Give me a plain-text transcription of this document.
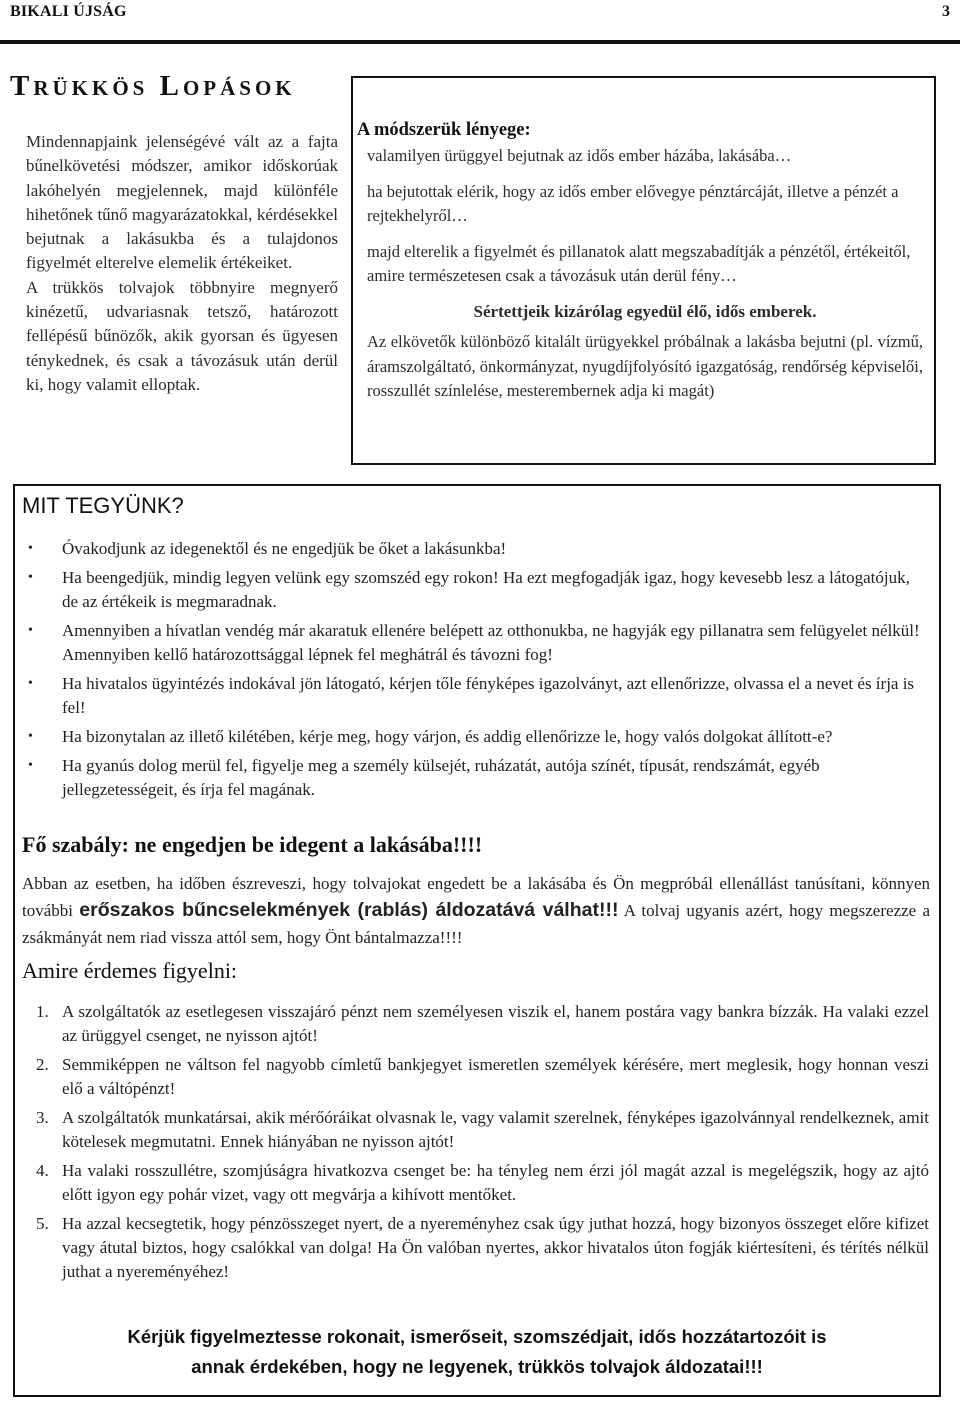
BIKALI ÚJSÁG	3
TRÜKKÖS LOPÁSOK

Mindennapjaink jelenségévé vált az a fajta bűnelkövetési módszer, amikor időskorúak lakóhelyén megjelennek, majd különféle hihetőnek tűnő magyarázatokkal, kérdésekkel bejutnak a lakásukba és a tulajdonos figyelmét elterelve elemelik értékeiket.

A trükkös tolvajok többnyire megnyerő kinézetű, udvariasnak tetsző, határozott fellépésű bűnözők, akik gyorsan és ügyesen ténykednek, és csak a távozásuk után derül ki, hogy valamit elloptak.

A módszerük lényege:

valamilyen ürüggyel bejutnak az idős ember házába, lakásába…

ha bejutottak elérik, hogy az idős ember elővegye pénztárcáját, illetve a pénzét a rejtekhelyről…

majd elterelik a figyelmét és pillanatok alatt megszabadítják a pénzétől, értékeitől, amire természetesen csak a távozásuk után derül fény…

Sértettjeik kizárólag egyedül élő, idős emberek.

Az elkövetők különböző kitalált ürügyekkel próbálnak a lakásba bejutni (pl. vízmű, áramszolgáltató, önkormányzat, nyugdíjfolyósító igazgatóság, rendőrség képviselői, rosszullét színlelése, mesterembernek adja ki magát)

MIT TEGYÜNK?
• Óvakodjunk az idegenektől és ne engedjük be őket a lakásunkba!
• Ha beengedjük, mindig legyen velünk egy szomszéd egy rokon! Ha ezt megfogadják igaz, hogy kevesebb lesz a látogatójuk, de az értékeik is megmaradnak.
• Amennyiben a hívatlan vendég már akaratuk ellenére belépett az otthonukba, ne hagyják egy pillanatra sem felügyelet nélkül! Amennyiben kellő határozottsággal lépnek fel meghátrál és távozni fog!
• Ha hivatalos ügyintézés indokával jön látogató, kérjen tőle fényképes igazolványt, azt ellenőrizze, olvassa el a nevet és írja is fel!
• Ha bizonytalan az illető kilétében, kérje meg, hogy várjon, és addig ellenőrizze le, hogy valós dolgokat állított-e?
• Ha gyanús dolog merül fel, figyelje meg a személy külsejét, ruházatát, autója színét, típusát, rendszámát, egyéb jellegzetességeit, és írja fel magának.
Fő szabály: ne engedjen be idegent a lakásába!!!!
Abban az esetben, ha időben észreveszi, hogy tolvajokat engedett be a lakásába és Ön megpróbál ellenállást tanúsítani, könnyen további erőszakos bűncselekmények (rablás) áldozatává válhat!!! A tolvaj ugyanis azért, hogy megszerezze a zsákmányát nem riad vissza attól sem, hogy Önt bántalmazza!!!!
Amire érdemes figyelni:
1. A szolgáltatók az esetlegesen visszajáró pénzt nem személyesen viszik el, hanem postára vagy bankra bízzák. Ha valaki ezzel az ürüggyel csenget, ne nyisson ajtót!
2. Semmiképpen ne váltson fel nagyobb címletű bankjegyet ismeretlen személyek kérésére, mert meglesik, hogy honnan veszi elő a váltópénzt!
3. A szolgáltatók munkatársai, akik mérőóráikat olvasnak le, vagy valamit szerelnek, fényképes igazolvánnyal rendelkeznek, amit kötelesek megmutatni. Ennek hiányában ne nyisson ajtót!
4. Ha valaki rosszullétre, szomjúságra hivatkozva csenget be: ha tényleg nem érzi jól magát azzal is megelégszik, hogy az ajtó előtt igyon egy pohár vizet, vagy ott megvárja a kihívott mentőket.
5. Ha azzal kecsegtetik, hogy pénzösszeget nyert, de a nyereményhez csak úgy juthat hozzá, hogy bizonyos összeget előre kifizet vagy átutal biztos, hogy csalókkal van dolga! Ha Ön valóban nyertes, akkor hivatalos úton fogják kiértesíteni, és térítés nélkül juthat a nyereményéhez!
Kérjük figyelmeztesse rokonait, ismerőseit, szomszédjait, idős hozzátartozóit is
annak érdekében, hogy ne legyenek, trükkös tolvajok áldozatai!!!
